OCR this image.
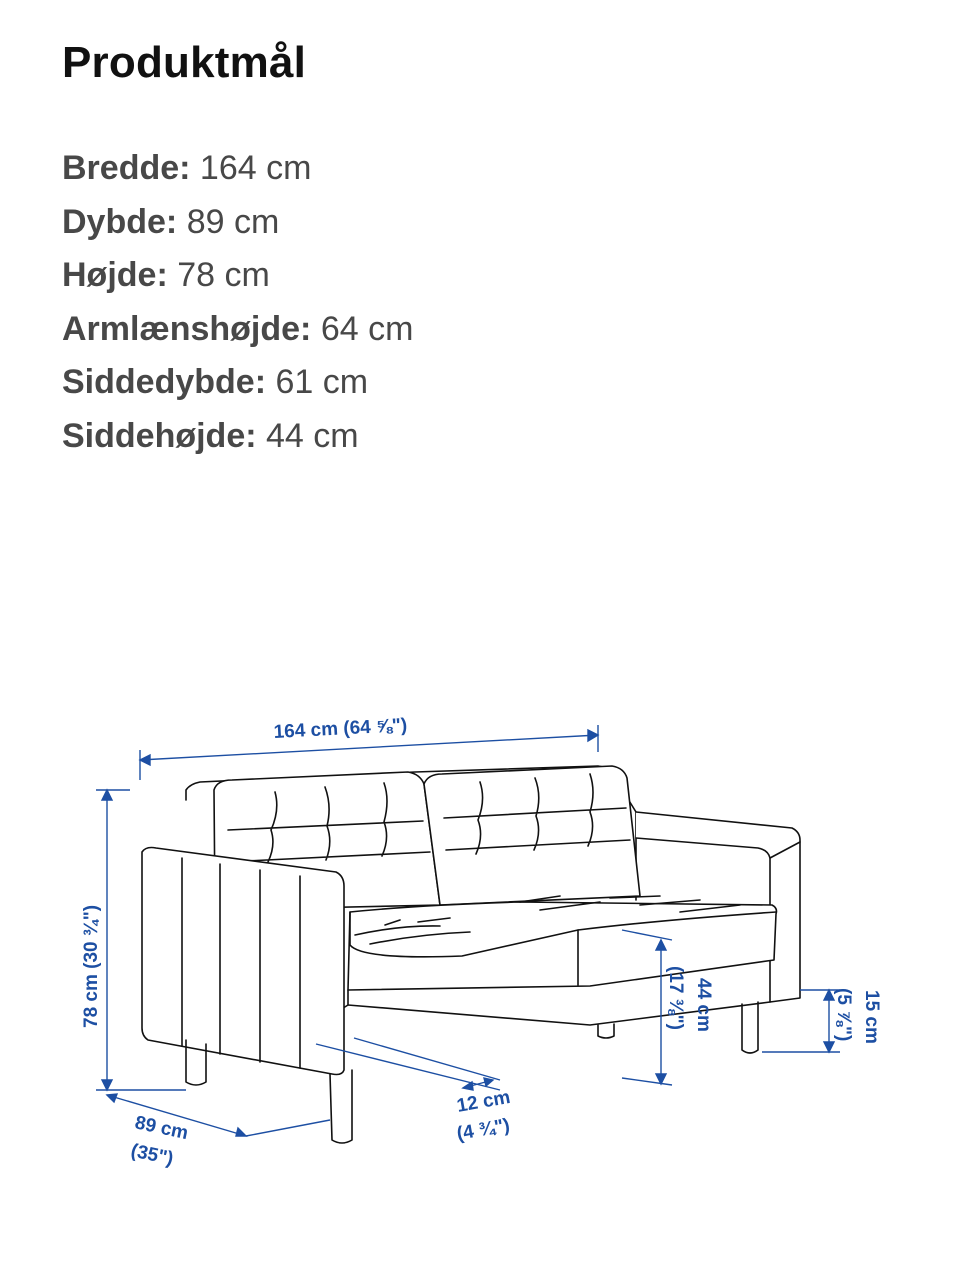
Produktmål
Bredde: 164 cm
Dybde: 89 cm
Højde: 78 cm
Armlænshøjde: 64 cm
Siddedybde: 61 cm
Siddehøjde: 44 cm
164 cm (64 ⅝")
78 cm (30 ¾")
89 cm
(35")
12 cm
(4 ¾")
44 cm
(17 ⅜")	15 cm
(5 ⅞")
